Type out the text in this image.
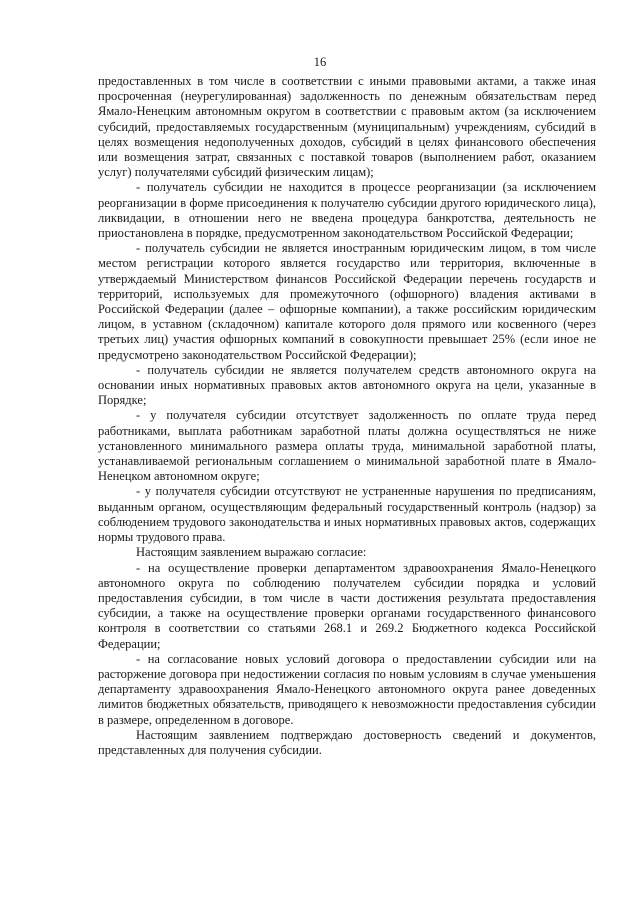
16

предоставленных в том числе в соответствии с иными правовыми актами, а также иная просроченная (неурегулированная) задолженность по денежным обязательствам перед Ямало-Ненецким автономным округом в соответствии с правовым актом (за исключением субсидий, предоставляемых государственным (муниципальным) учреждениям, субсидий в целях возмещения недополученных доходов, субсидий в целях финансового обеспечения или возмещения затрат, связанных с поставкой товаров (выполнением работ, оказанием услуг) получателями субсидий физическим лицам);

- получатель субсидии не находится в процессе реорганизации (за исключением реорганизации в форме присоединения к получателю субсидии другого юридического лица), ликвидации, в отношении него не введена процедура банкротства, деятельность не приостановлена в порядке, предусмотренном законодательством Российской Федерации;

- получатель субсидии не является иностранным юридическим лицом, в том числе местом регистрации которого является государство или территория, включенные в утверждаемый Министерством финансов Российской Федерации перечень государств и территорий, используемых для промежуточного (офшорного) владения активами в Российской Федерации (далее – офшорные компании), а также российским юридическим лицом, в уставном (складочном) капитале которого доля прямого или косвенного (через третьих лиц) участия офшорных компаний в совокупности превышает 25% (если иное не предусмотрено законодательством Российской Федерации);

- получатель субсидии не является получателем средств автономного округа на основании иных нормативных правовых актов автономного округа на цели, указанные в Порядке;

- у получателя субсидии отсутствует задолженность по оплате труда перед работниками, выплата работникам заработной платы должна осуществляться не ниже установленного минимального размера оплаты труда, минимальной заработной платы, устанавливаемой региональным соглашением о минимальной заработной плате в Ямало-Ненецком автономном округе;

- у получателя субсидии отсутствуют не устраненные нарушения по предписаниям, выданным органом, осуществляющим федеральный государственный контроль (надзор) за соблюдением трудового законодательства и иных нормативных правовых актов, содержащих нормы трудового права.

Настоящим заявлением выражаю согласие:

- на осуществление проверки департаментом здравоохранения Ямало-Ненецкого автономного округа по соблюдению получателем субсидии порядка и условий предоставления субсидии, в том числе в части достижения результата предоставления субсидии, а также на осуществление проверки органами государственного финансового контроля в соответствии со статьями 268.1 и 269.2 Бюджетного кодекса Российской Федерации;

- на согласование новых условий договора о предоставлении субсидии или на расторжение договора при недостижении согласия по новым условиям в случае уменьшения департаменту здравоохранения Ямало-Ненецкого автономного округа ранее доведенных лимитов бюджетных обязательств, приводящего к невозможности предоставления субсидии в размере, определенном в договоре.

Настоящим заявлением подтверждаю достоверность сведений и документов, представленных для получения субсидии.
